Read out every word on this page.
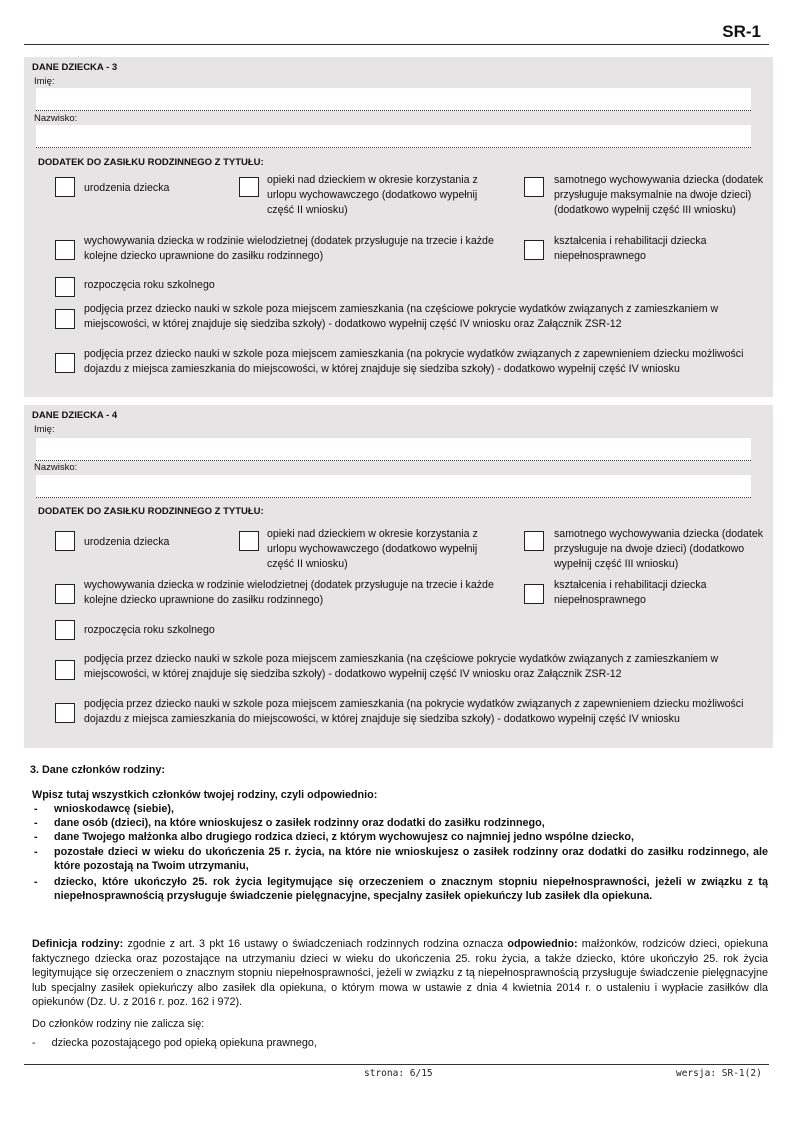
SR-1
DANE DZIECKA - 3
Imię:
Nazwisko:
DODATEK DO ZASIŁKU RODZINNEGO Z TYTUŁU:
urodzenia dziecka
opieki nad dzieckiem w okresie korzystania z urlopu wychowawczego (dodatkowo wypełnij część II wniosku)
samotnego wychowywania dziecka (dodatek przysługuje maksymalnie na dwoje dzieci) (dodatkowo wypełnij część III wniosku)
wychowywania dziecka w rodzinie wielodzietnej (dodatek przysługuje na trzecie i każde kolejne dziecko uprawnione do zasiłku rodzinnego)
kształcenia i rehabilitacji dziecka niepełnosprawnego
rozpoczęcia roku szkolnego
podjęcia przez dziecko nauki w szkole poza miejscem zamieszkania (na częściowe pokrycie wydatków związanych z zamieszkaniem w miejscowości, w której znajduje się siedziba szkoły) - dodatkowo wypełnij część IV wniosku oraz Załącznik ZSR-12
podjęcia przez dziecko nauki w szkole poza miejscem zamieszkania (na pokrycie wydatków związanych z zapewnieniem dziecku możliwości dojazdu z miejsca zamieszkania do miejscowości, w której znajduje się siedziba szkoły) - dodatkowo wypełnij część IV wniosku
DANE DZIECKA - 4
Imię:
Nazwisko:
DODATEK DO ZASIŁKU RODZINNEGO Z TYTUŁU:
urodzenia dziecka
opieki nad dzieckiem w okresie korzystania z urlopu wychowawczego (dodatkowo wypełnij część II wniosku)
samotnego wychowywania dziecka (dodatek przysługuje na dwoje dzieci) (dodatkowo wypełnij część III wniosku)
wychowywania dziecka w rodzinie wielodzietnej (dodatek przysługuje na trzecie i każde kolejne dziecko uprawnione do zasiłku rodzinnego)
kształcenia i rehabilitacji dziecka niepełnosprawnego
rozpoczęcia roku szkolnego
podjęcia przez dziecko nauki w szkole poza miejscem zamieszkania (na częściowe pokrycie wydatków związanych z zamieszkaniem w miejscowości, w której znajduje się siedziba szkoły) - dodatkowo wypełnij część IV wniosku oraz Załącznik ZSR-12
podjęcia przez dziecko nauki w szkole poza miejscem zamieszkania (na pokrycie wydatków związanych z zapewnieniem dziecku możliwości dojazdu z miejsca zamieszkania do miejscowości, w której znajduje się siedziba szkoły) - dodatkowo wypełnij część IV wniosku
3. Dane członków rodziny:
Wpisz tutaj wszystkich członków twojej rodziny, czyli odpowiednio:
- wnioskodawcę (siebie),
- dane osób (dzieci), na które wnioskujesz o zasiłek rodzinny oraz dodatki do zasiłku rodzinnego,
- dane Twojego małżonka albo drugiego rodzica dzieci, z którym wychowujesz co najmniej jedno wspólne dziecko,
- pozostałe dzieci w wieku do ukończenia 25 r. życia, na które nie wnioskujesz o zasiłek rodzinny oraz dodatki do zasiłku rodzinnego, ale które pozostają na Twoim utrzymaniu,
- dziecko, które ukończyło 25. rok życia legitymujące się orzeczeniem o znacznym stopniu niepełnosprawności, jeżeli w związku z tą niepełnosprawnością przysługuje świadczenie pielęgnacyjne, specjalny zasiłek opiekuńczy lub zasiłek dla opiekuna.
Definicja rodziny: zgodnie z art. 3 pkt 16 ustawy o świadczeniach rodzinnych rodzina oznacza odpowiednio: małżonków, rodziców dzieci, opiekuna faktycznego dziecka oraz pozostające na utrzymaniu dzieci w wieku do ukończenia 25. roku życia, a także dziecko, które ukończyło 25. rok życia legitymujące się orzeczeniem o znacznym stopniu niepełnosprawności, jeżeli w związku z tą niepełnosprawnością przysługuje świadczenie pielęgnacyjne lub specjalny zasiłek opiekuńczy albo zasiłek dla opiekuna, o którym mowa w ustawie z dnia 4 kwietnia 2014 r. o ustaleniu i wypłacie zasiłków dla opiekunów (Dz. U. z 2016 r. poz. 162 i 972).
Do członków rodziny nie zalicza się:
- dziecka pozostającego pod opieką opiekuna prawnego,
strona: 6/15	wersja: SR-1(2)
